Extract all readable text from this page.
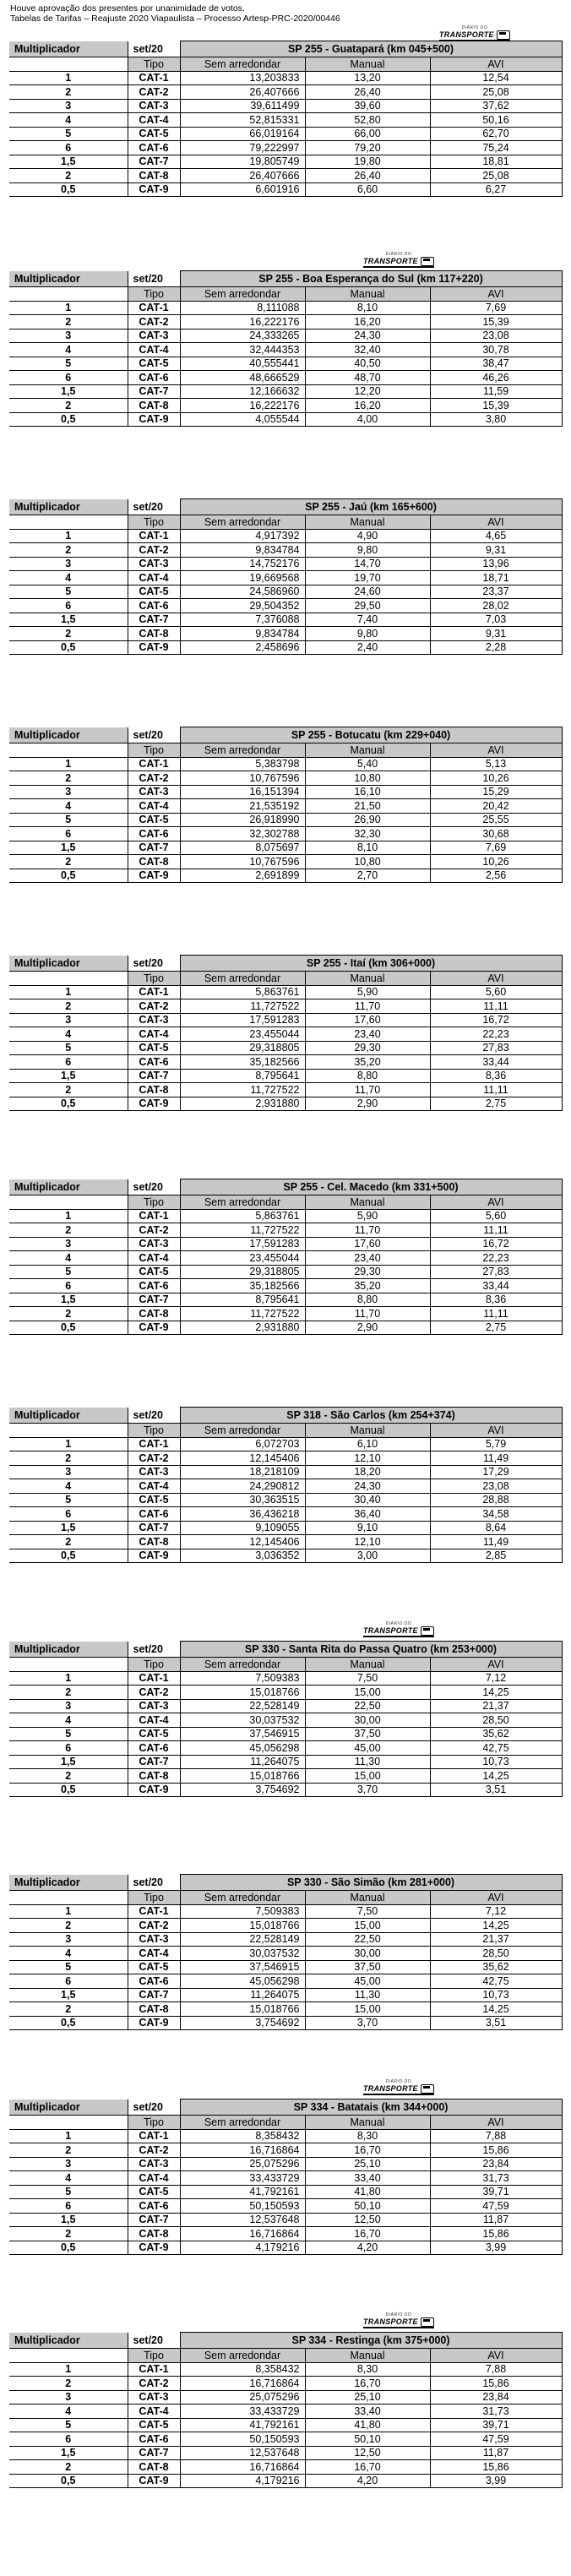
Houve aprovação dos presentes por unanimidade de votos.
Tabelas de Tarifas – Reajuste 2020 Viapaulista – Processo Artesp-PRC-2020/00446
DIÁRIO DO
TRANSPORTE
DIÁRIO DO
TRANSPORTE
DIÁRIO DO
TRANSPORTE
DIÁRIO DO
TRANSPORTE
DIÁRIO DO
TRANSPORTE
Multiplicador	set/20	SP 255 - Guatapará (km 045+500)		
	Tipo	Sem arredondar	Manual	AVI
1	CAT-1	13,203833	13,20	12,54
2	CAT-2	26,407666	26,40	25,08
3	CAT-3	39,611499	39,60	37,62
4	CAT-4	52,815331	52,80	50,16
5	CAT-5	66,019164	66,00	62,70
6	CAT-6	79,222997	79,20	75,24
1,5	CAT-7	19,805749	19,80	18,81
2	CAT-8	26,407666	26,40	25,08
0,5	CAT-9	6,601916	6,60	6,27
Multiplicador	set/20	SP 255 - Boa Esperança do Sul (km 117+220)		
	Tipo	Sem arredondar	Manual	AVI
1	CAT-1	8,111088	8,10	7,69
2	CAT-2	16,222176	16,20	15,39
3	CAT-3	24,333265	24,30	23,08
4	CAT-4	32,444353	32,40	30,78
5	CAT-5	40,555441	40,50	38,47
6	CAT-6	48,666529	48,70	46,26
1,5	CAT-7	12,166632	12,20	11,59
2	CAT-8	16,222176	16,20	15,39
0,5	CAT-9	4,055544	4,00	3,80
Multiplicador	set/20	SP 255 - Jaú (km 165+600)		
	Tipo	Sem arredondar	Manual	AVI
1	CAT-1	4,917392	4,90	4,65
2	CAT-2	9,834784	9,80	9,31
3	CAT-3	14,752176	14,70	13,96
4	CAT-4	19,669568	19,70	18,71
5	CAT-5	24,586960	24,60	23,37
6	CAT-6	29,504352	29,50	28,02
1,5	CAT-7	7,376088	7,40	7,03
2	CAT-8	9,834784	9,80	9,31
0,5	CAT-9	2,458696	2,40	2,28
Multiplicador	set/20	SP 255 - Botucatu (km 229+040)		
	Tipo	Sem arredondar	Manual	AVI
1	CAT-1	5,383798	5,40	5,13
2	CAT-2	10,767596	10,80	10,26
3	CAT-3	16,151394	16,10	15,29
4	CAT-4	21,535192	21,50	20,42
5	CAT-5	26,918990	26,90	25,55
6	CAT-6	32,302788	32,30	30,68
1,5	CAT-7	8,075697	8,10	7,69
2	CAT-8	10,767596	10,80	10,26
0,5	CAT-9	2,691899	2,70	2,56
Multiplicador	set/20	SP 255 - Itaí (km 306+000)		
	Tipo	Sem arredondar	Manual	AVI
1	CAT-1	5,863761	5,90	5,60
2	CAT-2	11,727522	11,70	11,11
3	CAT-3	17,591283	17,60	16,72
4	CAT-4	23,455044	23,40	22,23
5	CAT-5	29,318805	29,30	27,83
6	CAT-6	35,182566	35,20	33,44
1,5	CAT-7	8,795641	8,80	8,36
2	CAT-8	11,727522	11,70	11,11
0,5	CAT-9	2,931880	2,90	2,75
Multiplicador	set/20	SP 255 - Cel. Macedo (km 331+500)		
	Tipo	Sem arredondar	Manual	AVI
1	CAT-1	5,863761	5,90	5,60
2	CAT-2	11,727522	11,70	11,11
3	CAT-3	17,591283	17,60	16,72
4	CAT-4	23,455044	23,40	22,23
5	CAT-5	29,318805	29,30	27,83
6	CAT-6	35,182566	35,20	33,44
1,5	CAT-7	8,795641	8,80	8,36
2	CAT-8	11,727522	11,70	11,11
0,5	CAT-9	2,931880	2,90	2,75
Multiplicador	set/20	SP 318 - São Carlos (km 254+374)		
	Tipo	Sem arredondar	Manual	AVI
1	CAT-1	6,072703	6,10	5,79
2	CAT-2	12,145406	12,10	11,49
3	CAT-3	18,218109	18,20	17,29
4	CAT-4	24,290812	24,30	23,08
5	CAT-5	30,363515	30,40	28,88
6	CAT-6	36,436218	36,40	34,58
1,5	CAT-7	9,109055	9,10	8,64
2	CAT-8	12,145406	12,10	11,49
0,5	CAT-9	3,036352	3,00	2,85
Multiplicador	set/20	SP 330 - Santa Rita do Passa Quatro (km 253+000)		
	Tipo	Sem arredondar	Manual	AVI
1	CAT-1	7,509383	7,50	7,12
2	CAT-2	15,018766	15,00	14,25
3	CAT-3	22,528149	22,50	21,37
4	CAT-4	30,037532	30,00	28,50
5	CAT-5	37,546915	37,50	35,62
6	CAT-6	45,056298	45,00	42,75
1,5	CAT-7	11,264075	11,30	10,73
2	CAT-8	15,018766	15,00	14,25
0,5	CAT-9	3,754692	3,70	3,51
Multiplicador	set/20	SP 330 - São Simão (km 281+000)		
	Tipo	Sem arredondar	Manual	AVI
1	CAT-1	7,509383	7,50	7,12
2	CAT-2	15,018766	15,00	14,25
3	CAT-3	22,528149	22,50	21,37
4	CAT-4	30,037532	30,00	28,50
5	CAT-5	37,546915	37,50	35,62
6	CAT-6	45,056298	45,00	42,75
1,5	CAT-7	11,264075	11,30	10,73
2	CAT-8	15,018766	15,00	14,25
0,5	CAT-9	3,754692	3,70	3,51
Multiplicador	set/20	SP 334 - Batatais (km 344+000)		
	Tipo	Sem arredondar	Manual	AVI
1	CAT-1	8,358432	8,30	7,88
2	CAT-2	16,716864	16,70	15,86
3	CAT-3	25,075296	25,10	23,84
4	CAT-4	33,433729	33,40	31,73
5	CAT-5	41,792161	41,80	39,71
6	CAT-6	50,150593	50,10	47,59
1,5	CAT-7	12,537648	12,50	11,87
2	CAT-8	16,716864	16,70	15,86
0,5	CAT-9	4,179216	4,20	3,99
Multiplicador	set/20	SP 334 - Restinga (km 375+000)		
	Tipo	Sem arredondar	Manual	AVI
1	CAT-1	8,358432	8,30	7,88
2	CAT-2	16,716864	16,70	15,86
3	CAT-3	25,075296	25,10	23,84
4	CAT-4	33,433729	33,40	31,73
5	CAT-5	41,792161	41,80	39,71
6	CAT-6	50,150593	50,10	47,59
1,5	CAT-7	12,537648	12,50	11,87
2	CAT-8	16,716864	16,70	15,86
0,5	CAT-9	4,179216	4,20	3,99
